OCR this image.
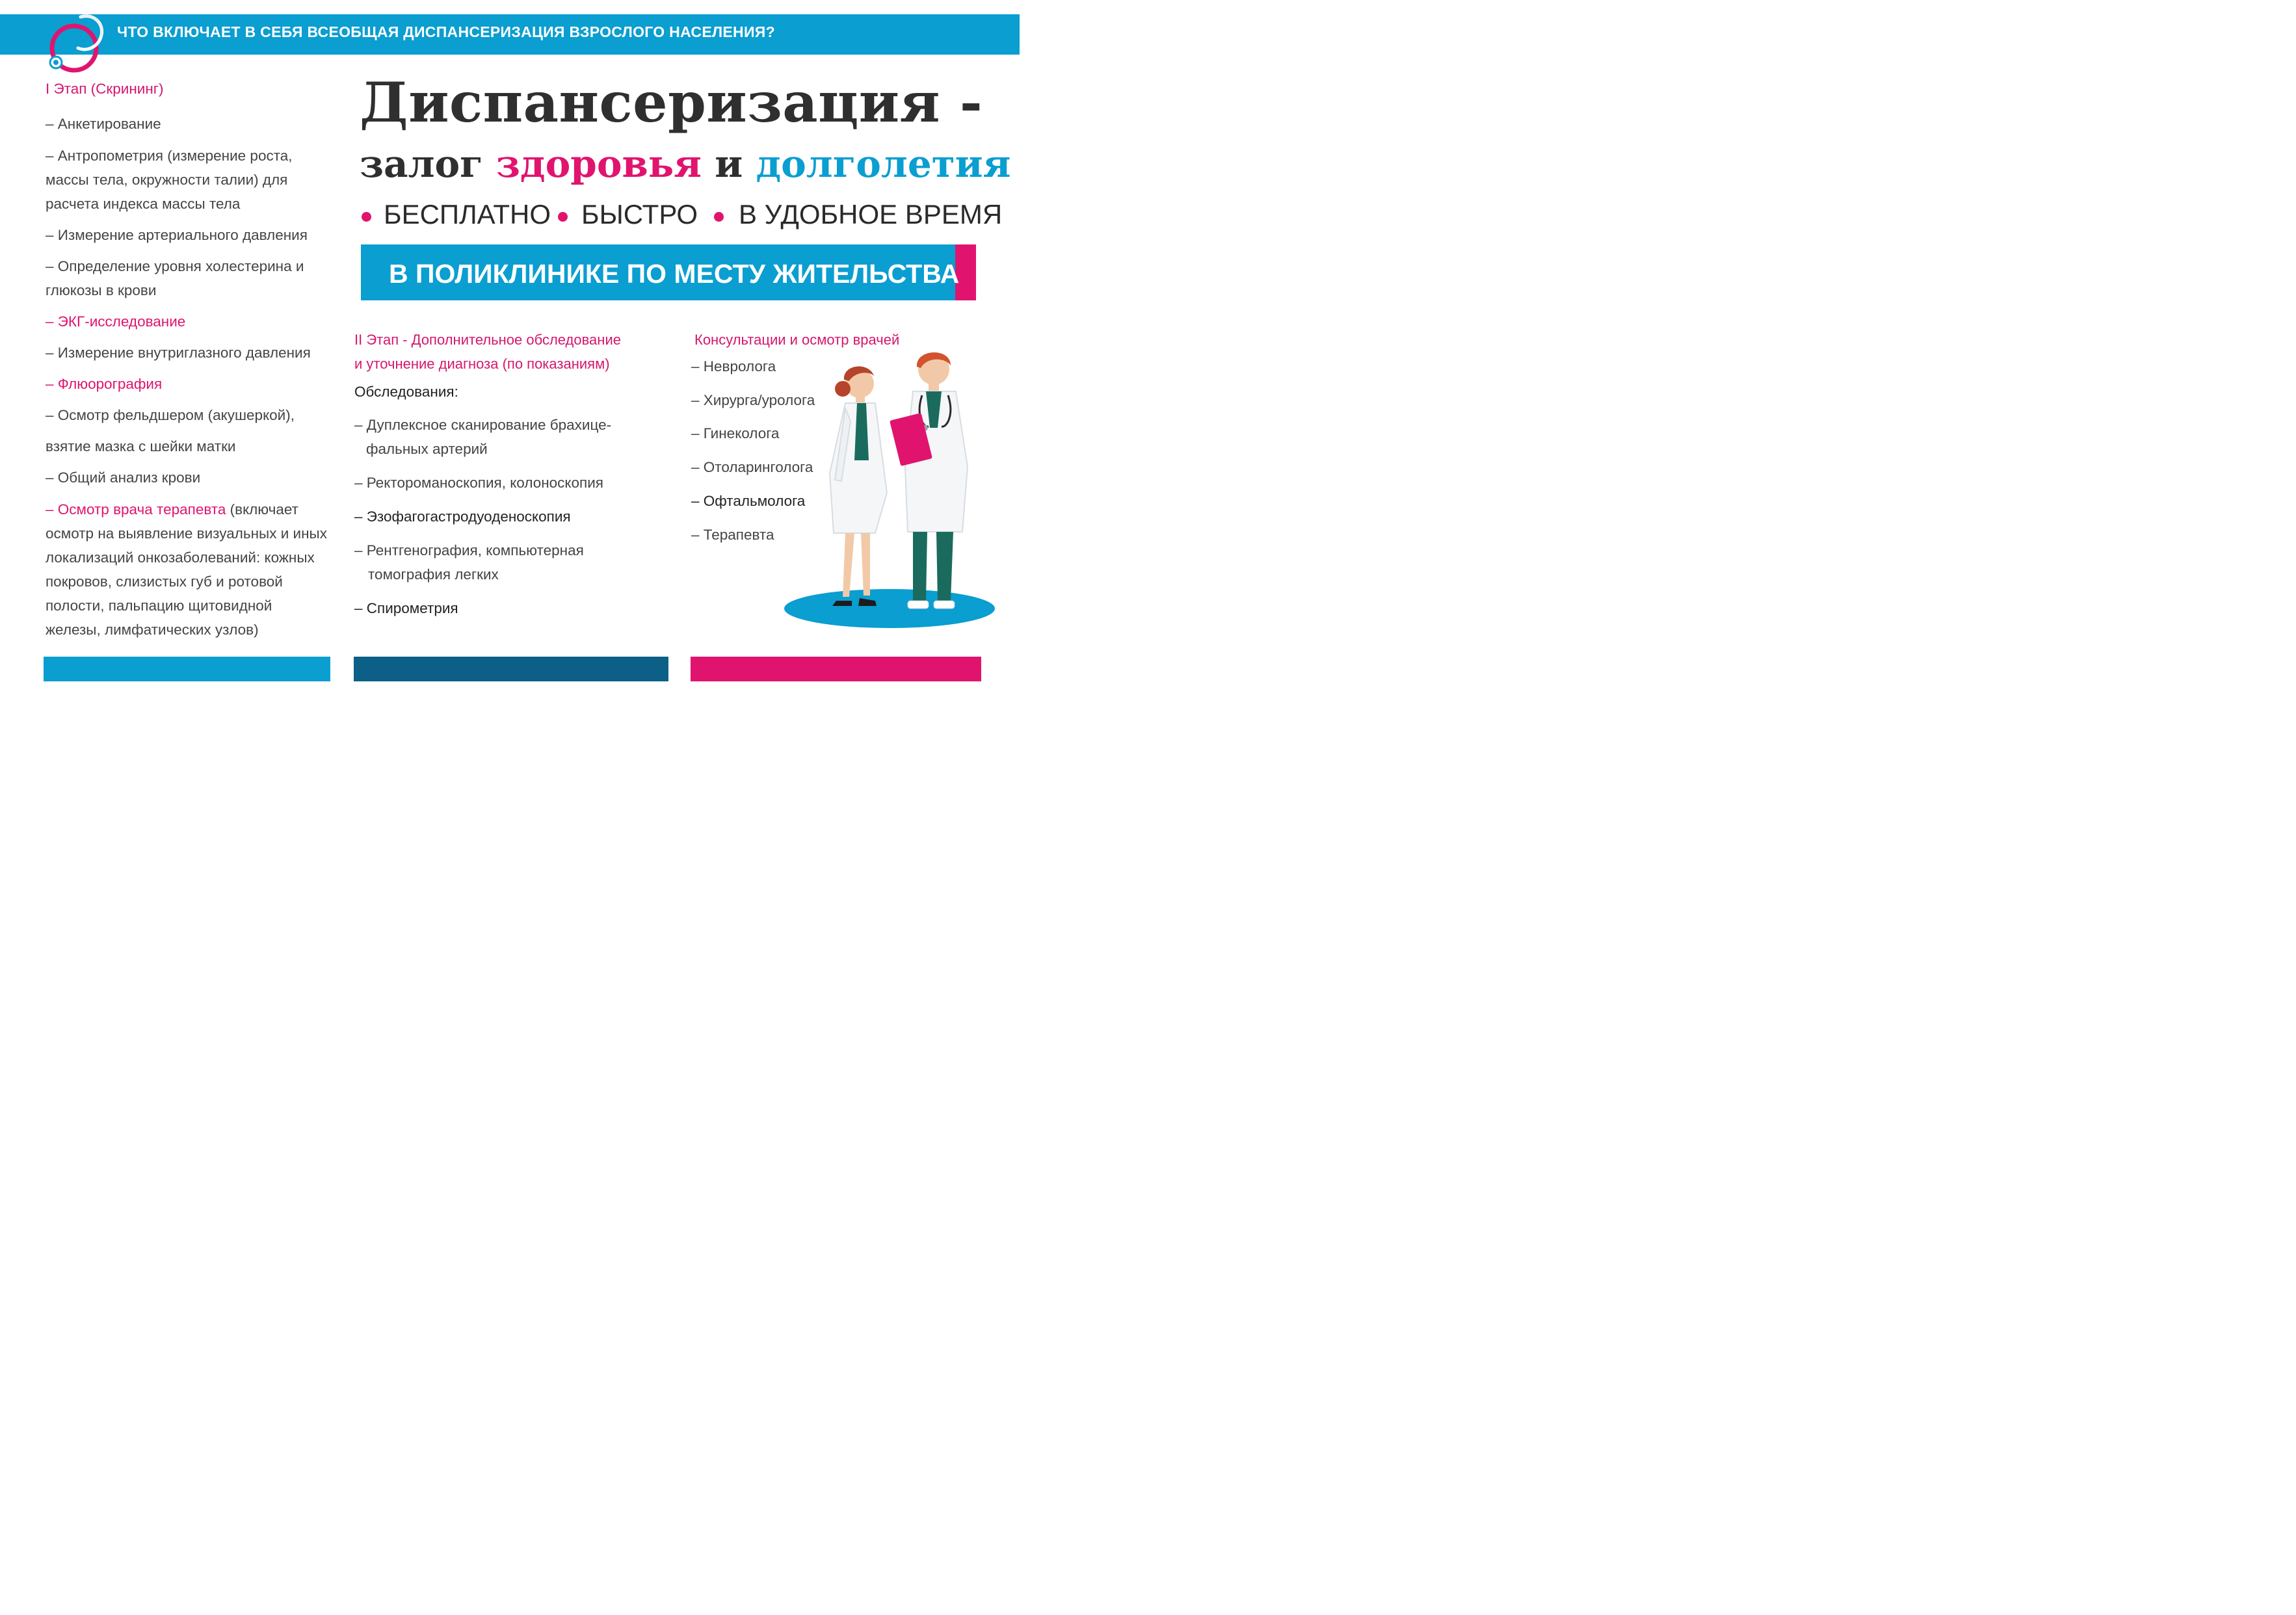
ЧТО ВКЛЮЧАЕТ В СЕБЯ ВСЕОБЩАЯ ДИСПАНСЕРИЗАЦИЯ ВЗРОСЛОГО НАСЕЛЕНИЯ?
I Этап (Скрининг)
– Анкетирование
– Антропометрия (измерение роста,
массы тела, окружности талии) для
расчета индекса массы тела
– Измерение артериального давления
– Определение уровня холестерина и
глюкозы в крови
– ЭКГ-исследование
– Измерение внутриглазного давления
– Флюорография
– Осмотр фельдшером (акушеркой),
взятие мазка с шейки матки
– Общий анализ крови
– Осмотр врача терапевта (включает
осмотр на выявление визуальных и иных
локализаций онкозаболеваний: кожных
покровов, слизистых губ и ротовой
полости, пальпацию щитовидной
железы, лимфатических узлов)
Диспансеризация -
залог здоровья и долголетия
БЕСПЛАТНО БЫСТРО В УДОБНОЕ ВРЕМЯ
В ПОЛИКЛИНИКЕ ПО МЕСТУ ЖИТЕЛЬСТВА
II Этап - Дополнительное обследование
и уточнение диагноза (по показаниям)
Обследования:
– Дуплексное сканирование брахице-
фальных артерий
– Ректороманоскопия, колоноскопия
– Эзофагогастродуоденоскопия
– Рентгенография, компьютерная
томография легких
– Спирометрия
Консультации и осмотр врачей
– Невролога
– Хирурга/уролога
– Гинеколога
– Отоларинголога
– Офтальмолога
– Терапевта
